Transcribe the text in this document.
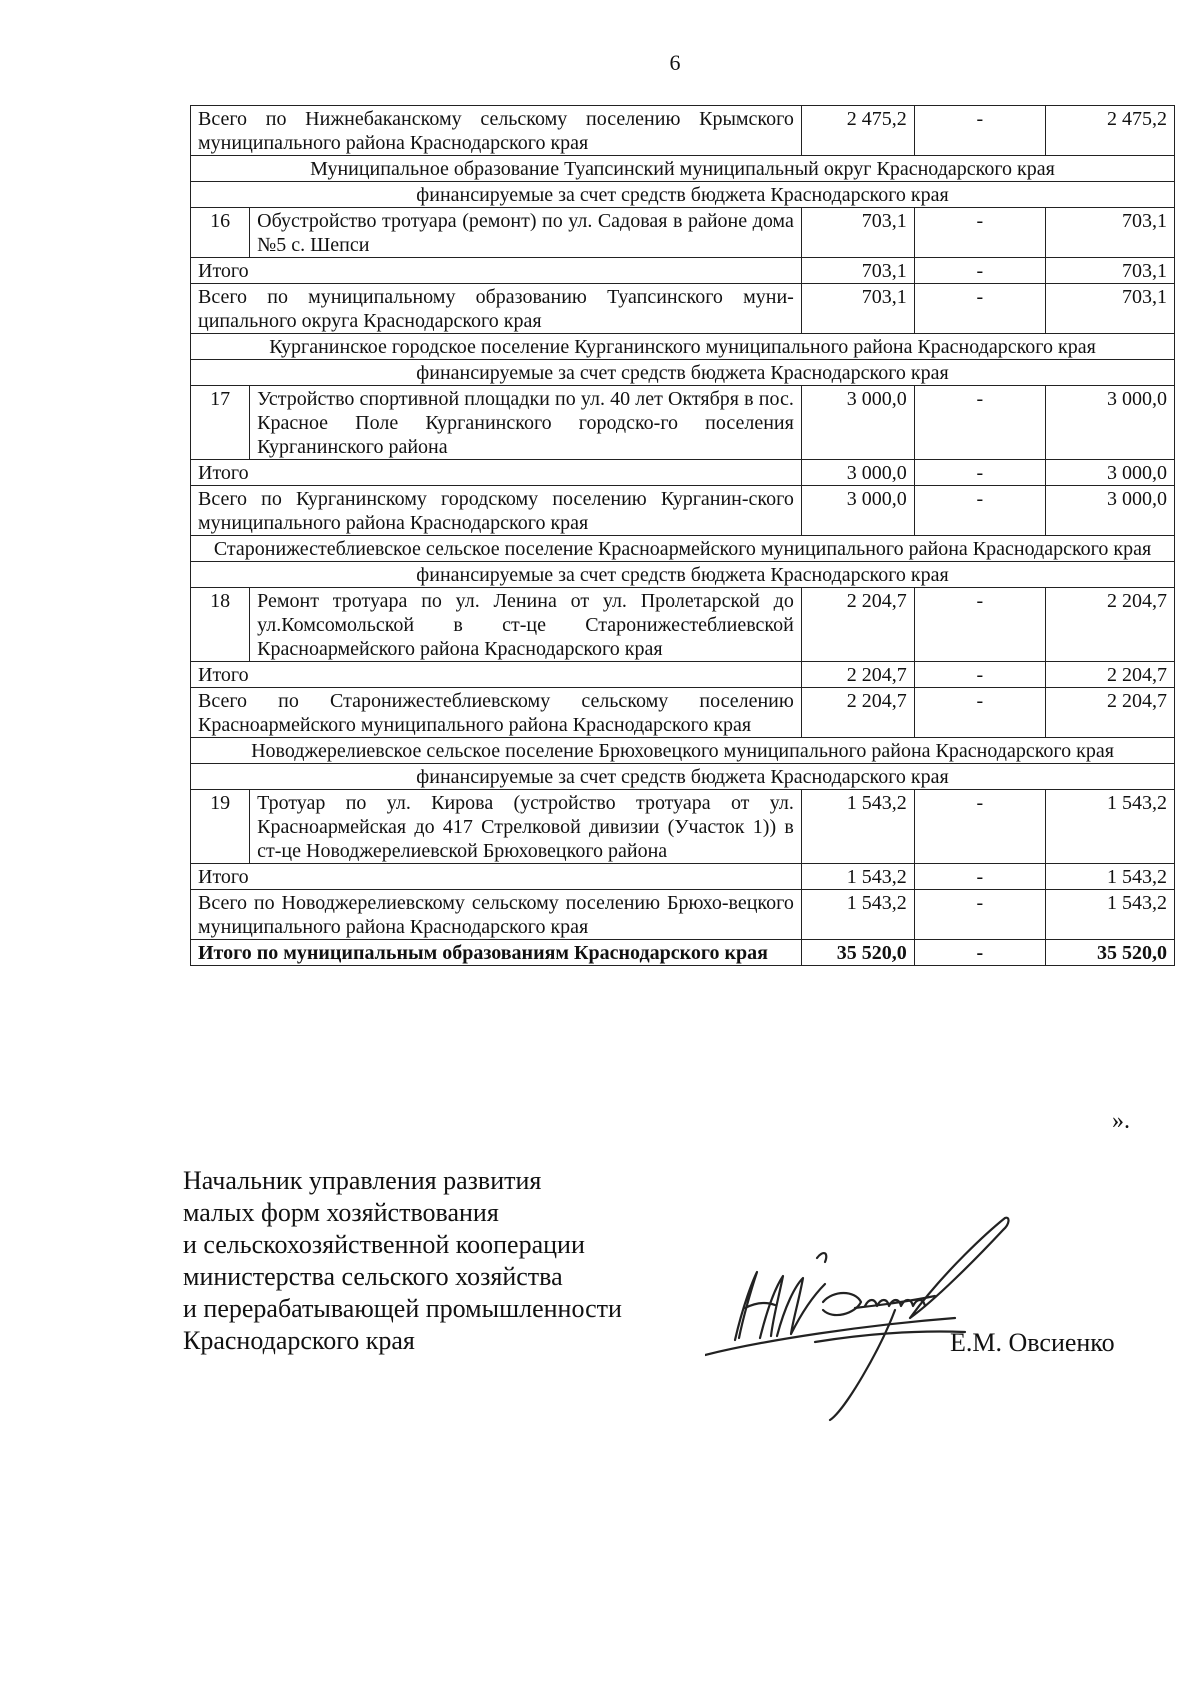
6
Всего по Нижнебаканскому сельскому поселению Крымского муниципального района Краснодарского края		2 475,2	-	2 475,2
Муниципальное образование Туапсинский муниципальный округ Краснодарского края				
финансируемые за счет средств бюджета Краснодарского края				
16	Обустройство тротуара (ремонт) по ул. Садовая в районе дома №5 с. Шепси	703,1	-	703,1
Итого		703,1	-	703,1
Всего по муниципальному образованию Туапсинского муни-ципального округа Краснодарского края		703,1	-	703,1
Курганинское городское поселение Курганинского муниципального района Краснодарского края				
финансируемые за счет средств бюджета Краснодарского края				
17	Устройство спортивной площадки по ул. 40 лет Октября в пос. Красное Поле Курганинского городско-го поселения Курганинского района	3 000,0	-	3 000,0
Итого		3 000,0	-	3 000,0
Всего по Курганинскому городскому поселению Курганин-ского муниципального района Краснодарского края		3 000,0	-	3 000,0
Старонижестеблиевское сельское поселение Красноармейского муниципального района Краснодарского края				
финансируемые за счет средств бюджета Краснодарского края				
18	Ремонт тротуара по ул. Ленина от ул. Пролетарской до ул.Комсомольской в ст-це Старонижестеблиевской Красноармейского района Краснодарского края	2 204,7	-	2 204,7
Итого		2 204,7	-	2 204,7
Всего по Старонижестеблиевскому сельскому поселению Красноармейского муниципального района Краснодарского края		2 204,7	-	2 204,7
Новоджерелиевское сельское поселение Брюховецкого муниципального района Краснодарского края				
финансируемые за счет средств бюджета Краснодарского края				
19	Тротуар по ул. Кирова (устройство тротуара от ул. Красноармейская до 417 Стрелковой дивизии (Участок 1)) в ст-це Новоджерелиевской Брюховецкого района	1 543,2	-	1 543,2
Итого		1 543,2	-	1 543,2
Всего по Новоджерелиевскому сельскому поселению Брюхо-вецкого муниципального района Краснодарского края		1 543,2	-	1 543,2
Итого по муниципальным образованиям Краснодарского края		35 520,0	-	35 520,0
».
Начальник управления развития
малых форм хозяйствования
и сельскохозяйственной кооперации
министерства сельского хозяйства
и перерабатывающей промышленности
Краснодарского края	Е.М. Овсиенко
